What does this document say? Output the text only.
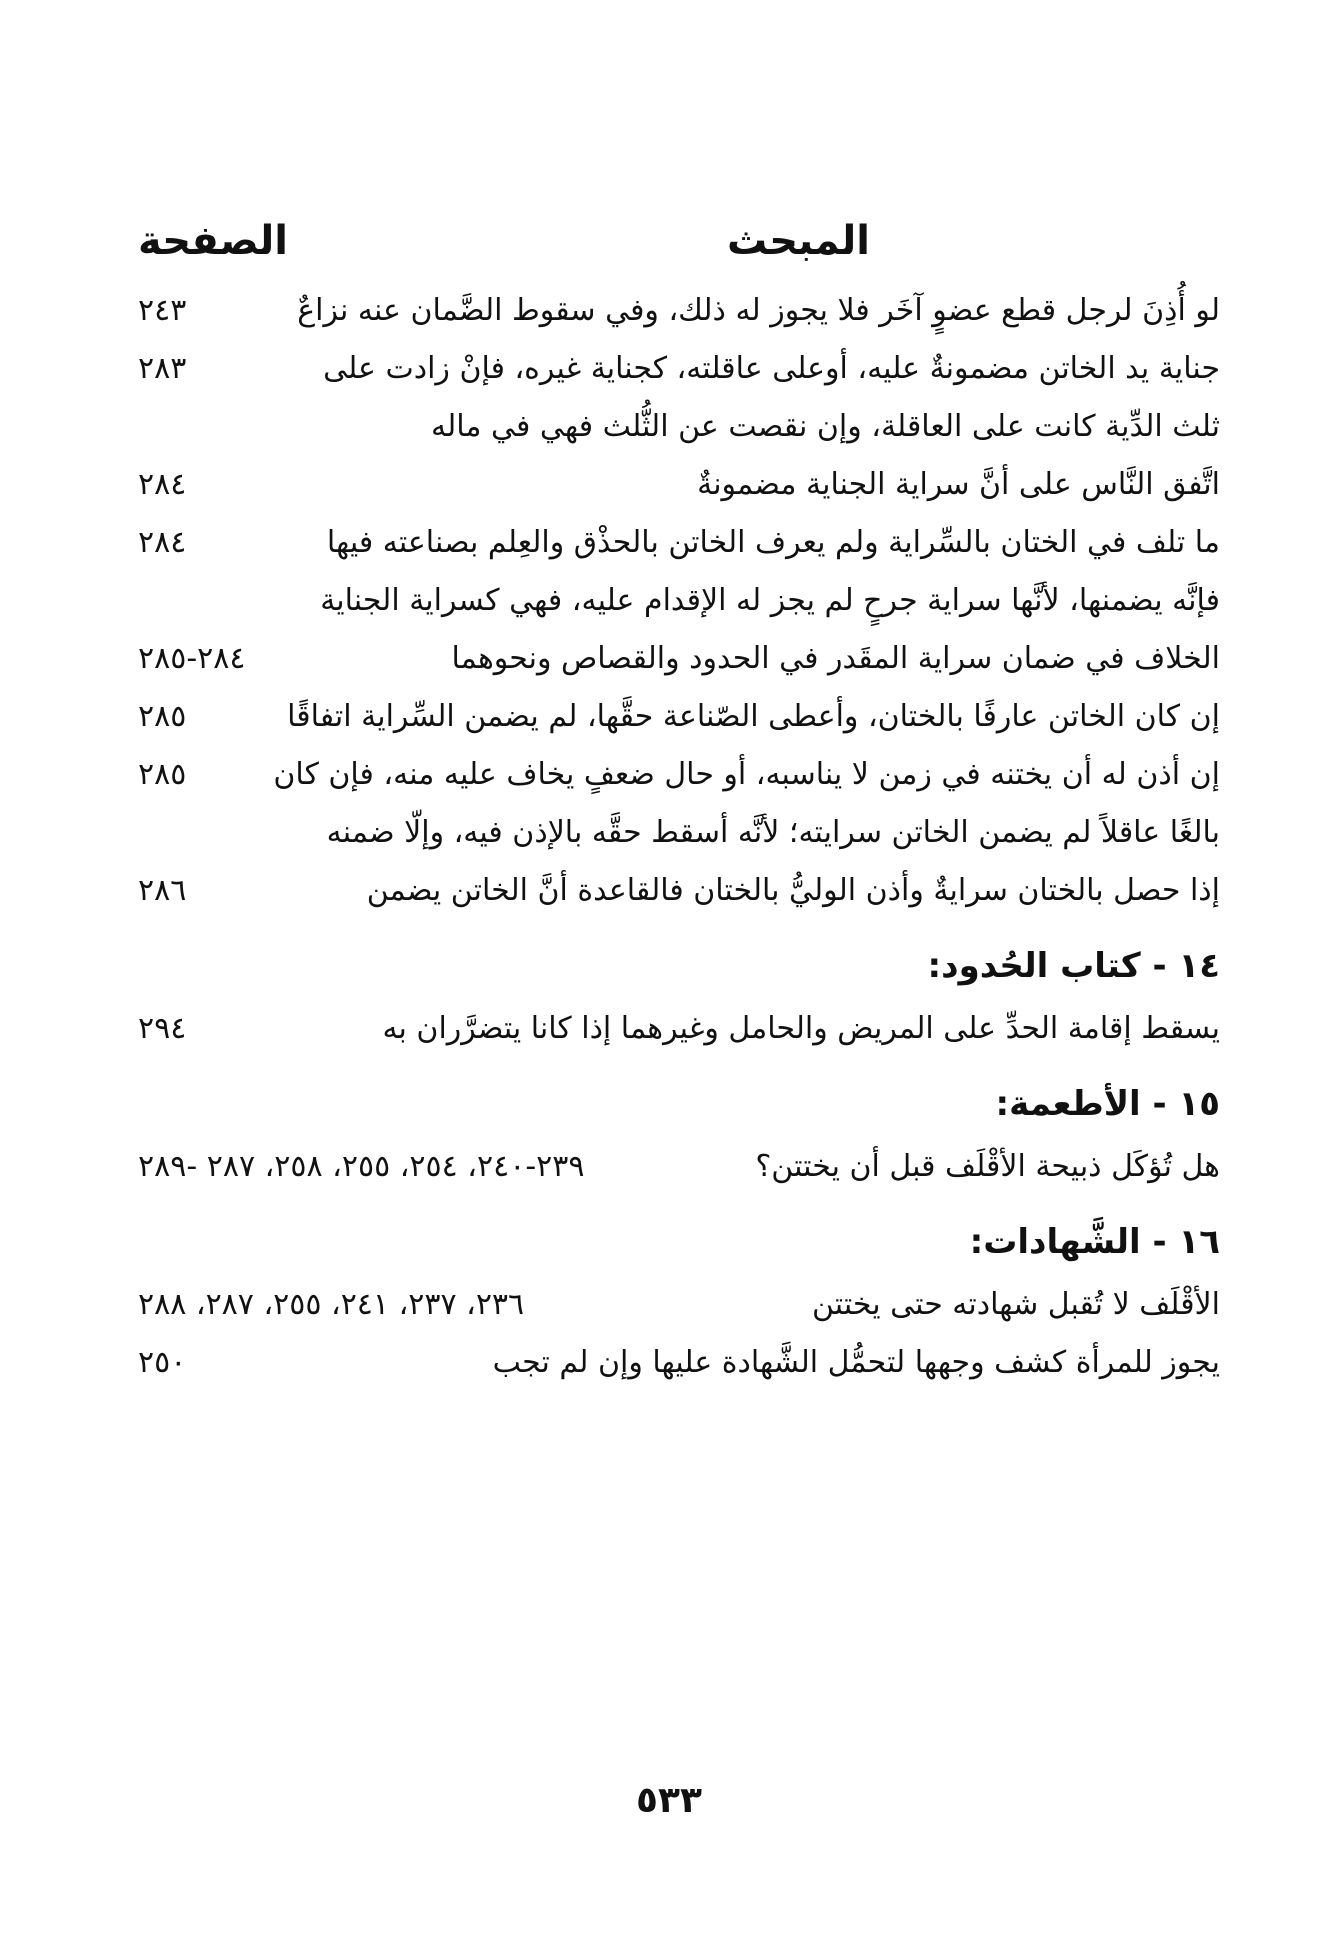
المبحث
الصفحة
لو أُذِنَ لرجل قطع عضوٍ آخَر فلا يجوز له ذلك، وفي سقوط الضَّمان عنه نزاعٌ
٢٤٣
جناية يد الخاتن مضمونةٌ عليه، أوعلى عاقلته، كجناية غيره، فإنْ زادت على
٢٨٣
ثلث الدِّية كانت على العاقلة، وإن نقصت عن الثُّلث فهي في ماله
اتَّفق النَّاس على أنَّ سراية الجناية مضمونةٌ
٢٨٤
ما تلف في الختان بالسِّراية ولم يعرف الخاتن بالحذْق والعِلم بصناعته فيها
٢٨٤
فإنَّه يضمنها، لأنَّها سراية جرحٍ لم يجز له الإقدام عليه، فهي كسراية الجناية
الخلاف في ضمان سراية المقَدر في الحدود والقصاص ونحوهما
٢٨٤-٢٨٥
إن كان الخاتن عارفًا بالختان، وأعطى الصّناعة حقَّها، لم يضمن السِّراية اتفاقًا
٢٨٥
إن أذن له أن يختنه في زمن لا يناسبه، أو حال ضعفٍ يخاف عليه منه، فإن كان
٢٨٥
بالغًا عاقلاً لم يضمن الخاتن سرايته؛ لأنَّه أسقط حقَّه بالإذن فيه، وإلّا ضمنه
إذا حصل بالختان سرايةٌ وأذن الوليُّ بالختان فالقاعدة أنَّ الخاتن يضمن
٢٨٦
١٤ - كتاب الحُدود:
يسقط إقامة الحدِّ على المريض والحامل وغيرهما إذا كانا يتضرَّران به
٢٩٤
١٥ - الأطعمة:
هل تُؤكَل ذبيحة الأقْلَف قبل أن يختتن؟
٢٣٩-٢٤٠، ٢٥٤، ٢٥٥، ٢٥٨، ٢٨٧ -٢٨٩
١٦ - الشَّهادات:
الأقْلَف لا تُقبل شهادته حتى يختتن
٢٣٦، ٢٣٧، ٢٤١، ٢٥٥، ٢٨٧، ٢٨٨
يجوز للمرأة كشف وجهها لتحمُّل الشَّهادة عليها وإن لم تجب
٢٥٠
٥٣٣
